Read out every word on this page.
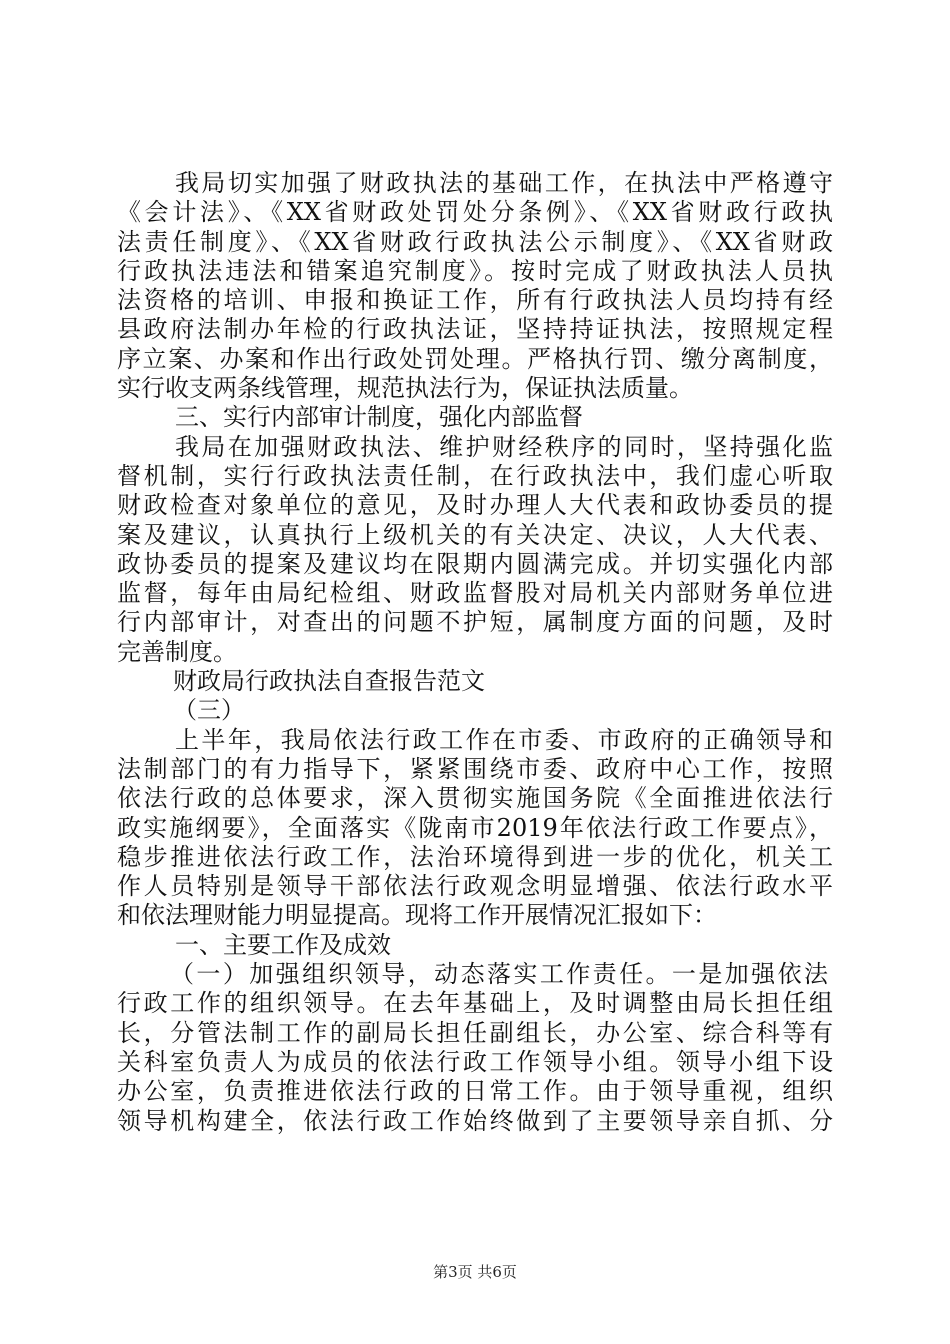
我局切实加强了财政执法的基础工作，在执法中严格遵守
《会计法》、《XX省财政处罚处分条例》、《XX省财政行政执
法责任制度》、《XX省财政行政执法公示制度》、《XX省财政
行政执法违法和错案追究制度》。按时完成了财政执法人员执
法资格的培训、申报和换证工作，所有行政执法人员均持有经
县政府法制办年检的行政执法证，坚持持证执法，按照规定程
序立案、办案和作出行政处罚处理。严格执行罚、缴分离制度，
实行收支两条线管理，规范执法行为，保证执法质量。
三、实行内部审计制度，强化内部监督
我局在加强财政执法、维护财经秩序的同时，坚持强化监
督机制，实行行政执法责任制，在行政执法中，我们虚心听取
财政检查对象单位的意见，及时办理人大代表和政协委员的提
案及建议，认真执行上级机关的有关决定、决议，人大代表、
政协委员的提案及建议均在限期内圆满完成。并切实强化内部
监督，每年由局纪检组、财政监督股对局机关内部财务单位进
行内部审计，对查出的问题不护短，属制度方面的问题，及时
完善制度。
财政局行政执法自查报告范文
（三）
上半年，我局依法行政工作在市委、市政府的正确领导和
法制部门的有力指导下，紧紧围绕市委、政府中心工作，按照
依法行政的总体要求，深入贯彻实施国务院《全面推进依法行
政实施纲要》，全面落实《陇南市2019年依法行政工作要点》，
稳步推进依法行政工作，法治环境得到进一步的优化，机关工
作人员特别是领导干部依法行政观念明显增强、依法行政水平
和依法理财能力明显提高。现将工作开展情况汇报如下：
一、主要工作及成效
（一）加强组织领导，动态落实工作责任。一是加强依法
行政工作的组织领导。在去年基础上，及时调整由局长担任组
长，分管法制工作的副局长担任副组长，办公室、综合科等有
关科室负责人为成员的依法行政工作领导小组。领导小组下设
办公室，负责推进依法行政的日常工作。由于领导重视，组织
领导机构建全，依法行政工作始终做到了主要领导亲自抓、分
第3页 共6页
